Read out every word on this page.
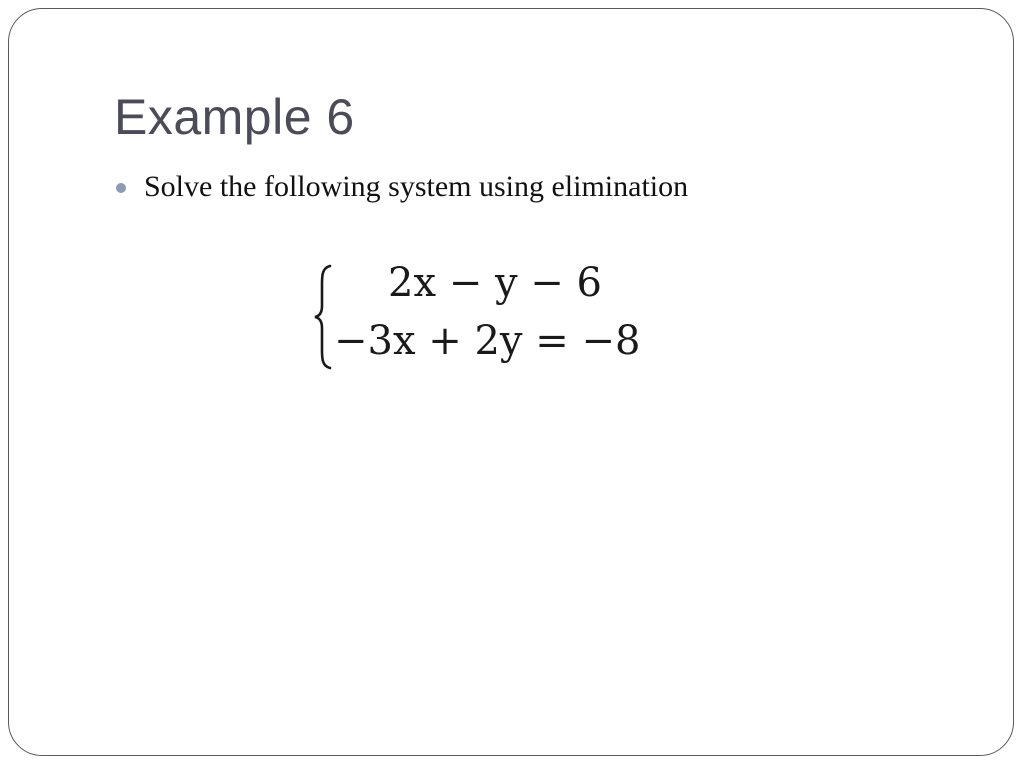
Example 6
Solve the following system using elimination
2x − y − 6
−3x + 2y = −8
